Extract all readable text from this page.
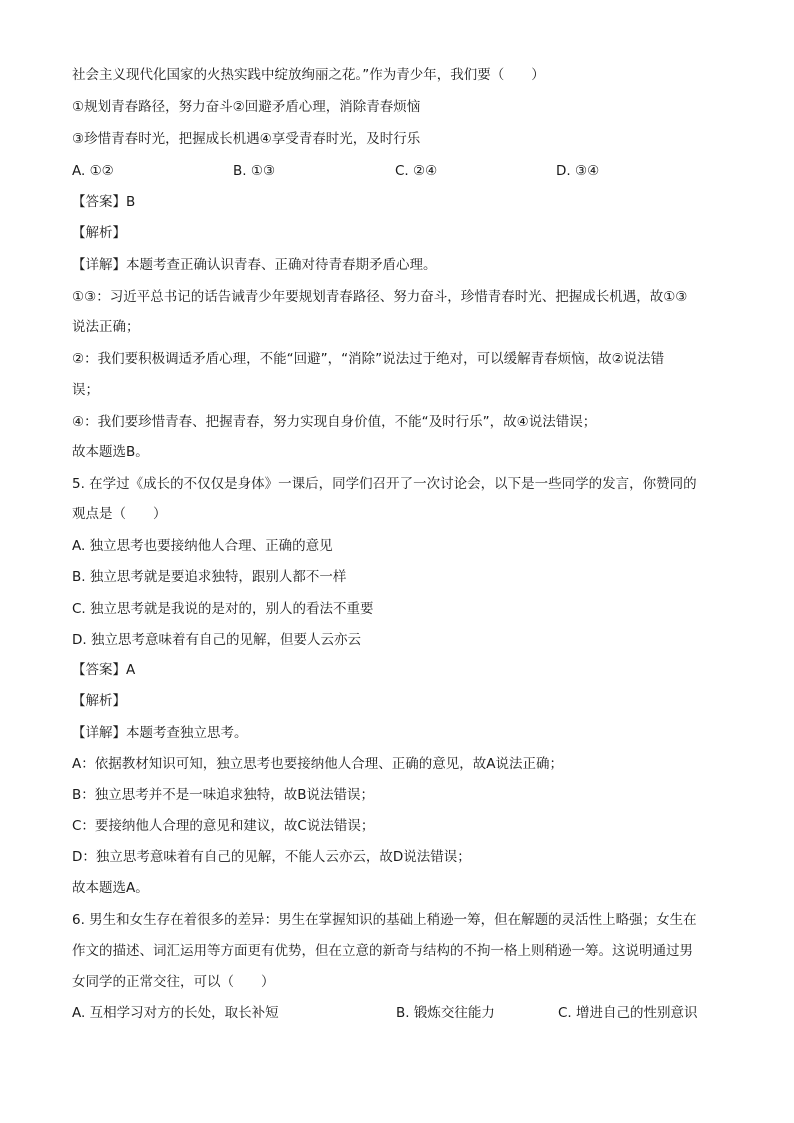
社会主义现代化国家的火热实践中绽放绚丽之花。”作为青少年，我们要（　　）
①规划青春路径，努力奋斗②回避矛盾心理，消除青春烦恼
③珍惜青春时光，把握成长机遇④享受青春时光，及时行乐
A. ①②	B. ①③	C. ②④	D. ③④
【答案】B
【解析】
【详解】本题考查正确认识青春、正确对待青春期矛盾心理。
①③：习近平总书记的话告诫青少年要规划青春路径、努力奋斗，珍惜青春时光、把握成长机遇，故①③
说法正确；
②：我们要积极调适矛盾心理，不能“回避”，“消除”说法过于绝对，可以缓解青春烦恼，故②说法错
误；
④：我们要珍惜青春、把握青春，努力实现自身价值，不能“及时行乐”，故④说法错误；
故本题选B。
5. 在学过《成长的不仅仅是身体》一课后，同学们召开了一次讨论会，以下是一些同学的发言，你赞同的
观点是（　　）
A. 独立思考也要接纳他人合理、正确的意见
B. 独立思考就是要追求独特，跟别人都不一样
C. 独立思考就是我说的是对的，别人的看法不重要
D. 独立思考意味着有自己的见解，但要人云亦云
【答案】A
【解析】
【详解】本题考查独立思考。
A：依据教材知识可知，独立思考也要接纳他人合理、正确的意见，故A说法正确；
B：独立思考并不是一味追求独特，故B说法错误；
C：要接纳他人合理的意见和建议，故C说法错误；
D：独立思考意味着有自己的见解，不能人云亦云，故D说法错误；
故本题选A。
6. 男生和女生存在着很多的差异：男生在掌握知识的基础上稍逊一筹，但在解题的灵活性上略强；女生在
作文的描述、词汇运用等方面更有优势，但在立意的新奇与结构的不拘一格上则稍逊一筹。这说明通过男
女同学的正常交往，可以（　　）
A. 互相学习对方的长处，取长补短	B. 锻炼交往能力	C. 增进自己的性别意识
